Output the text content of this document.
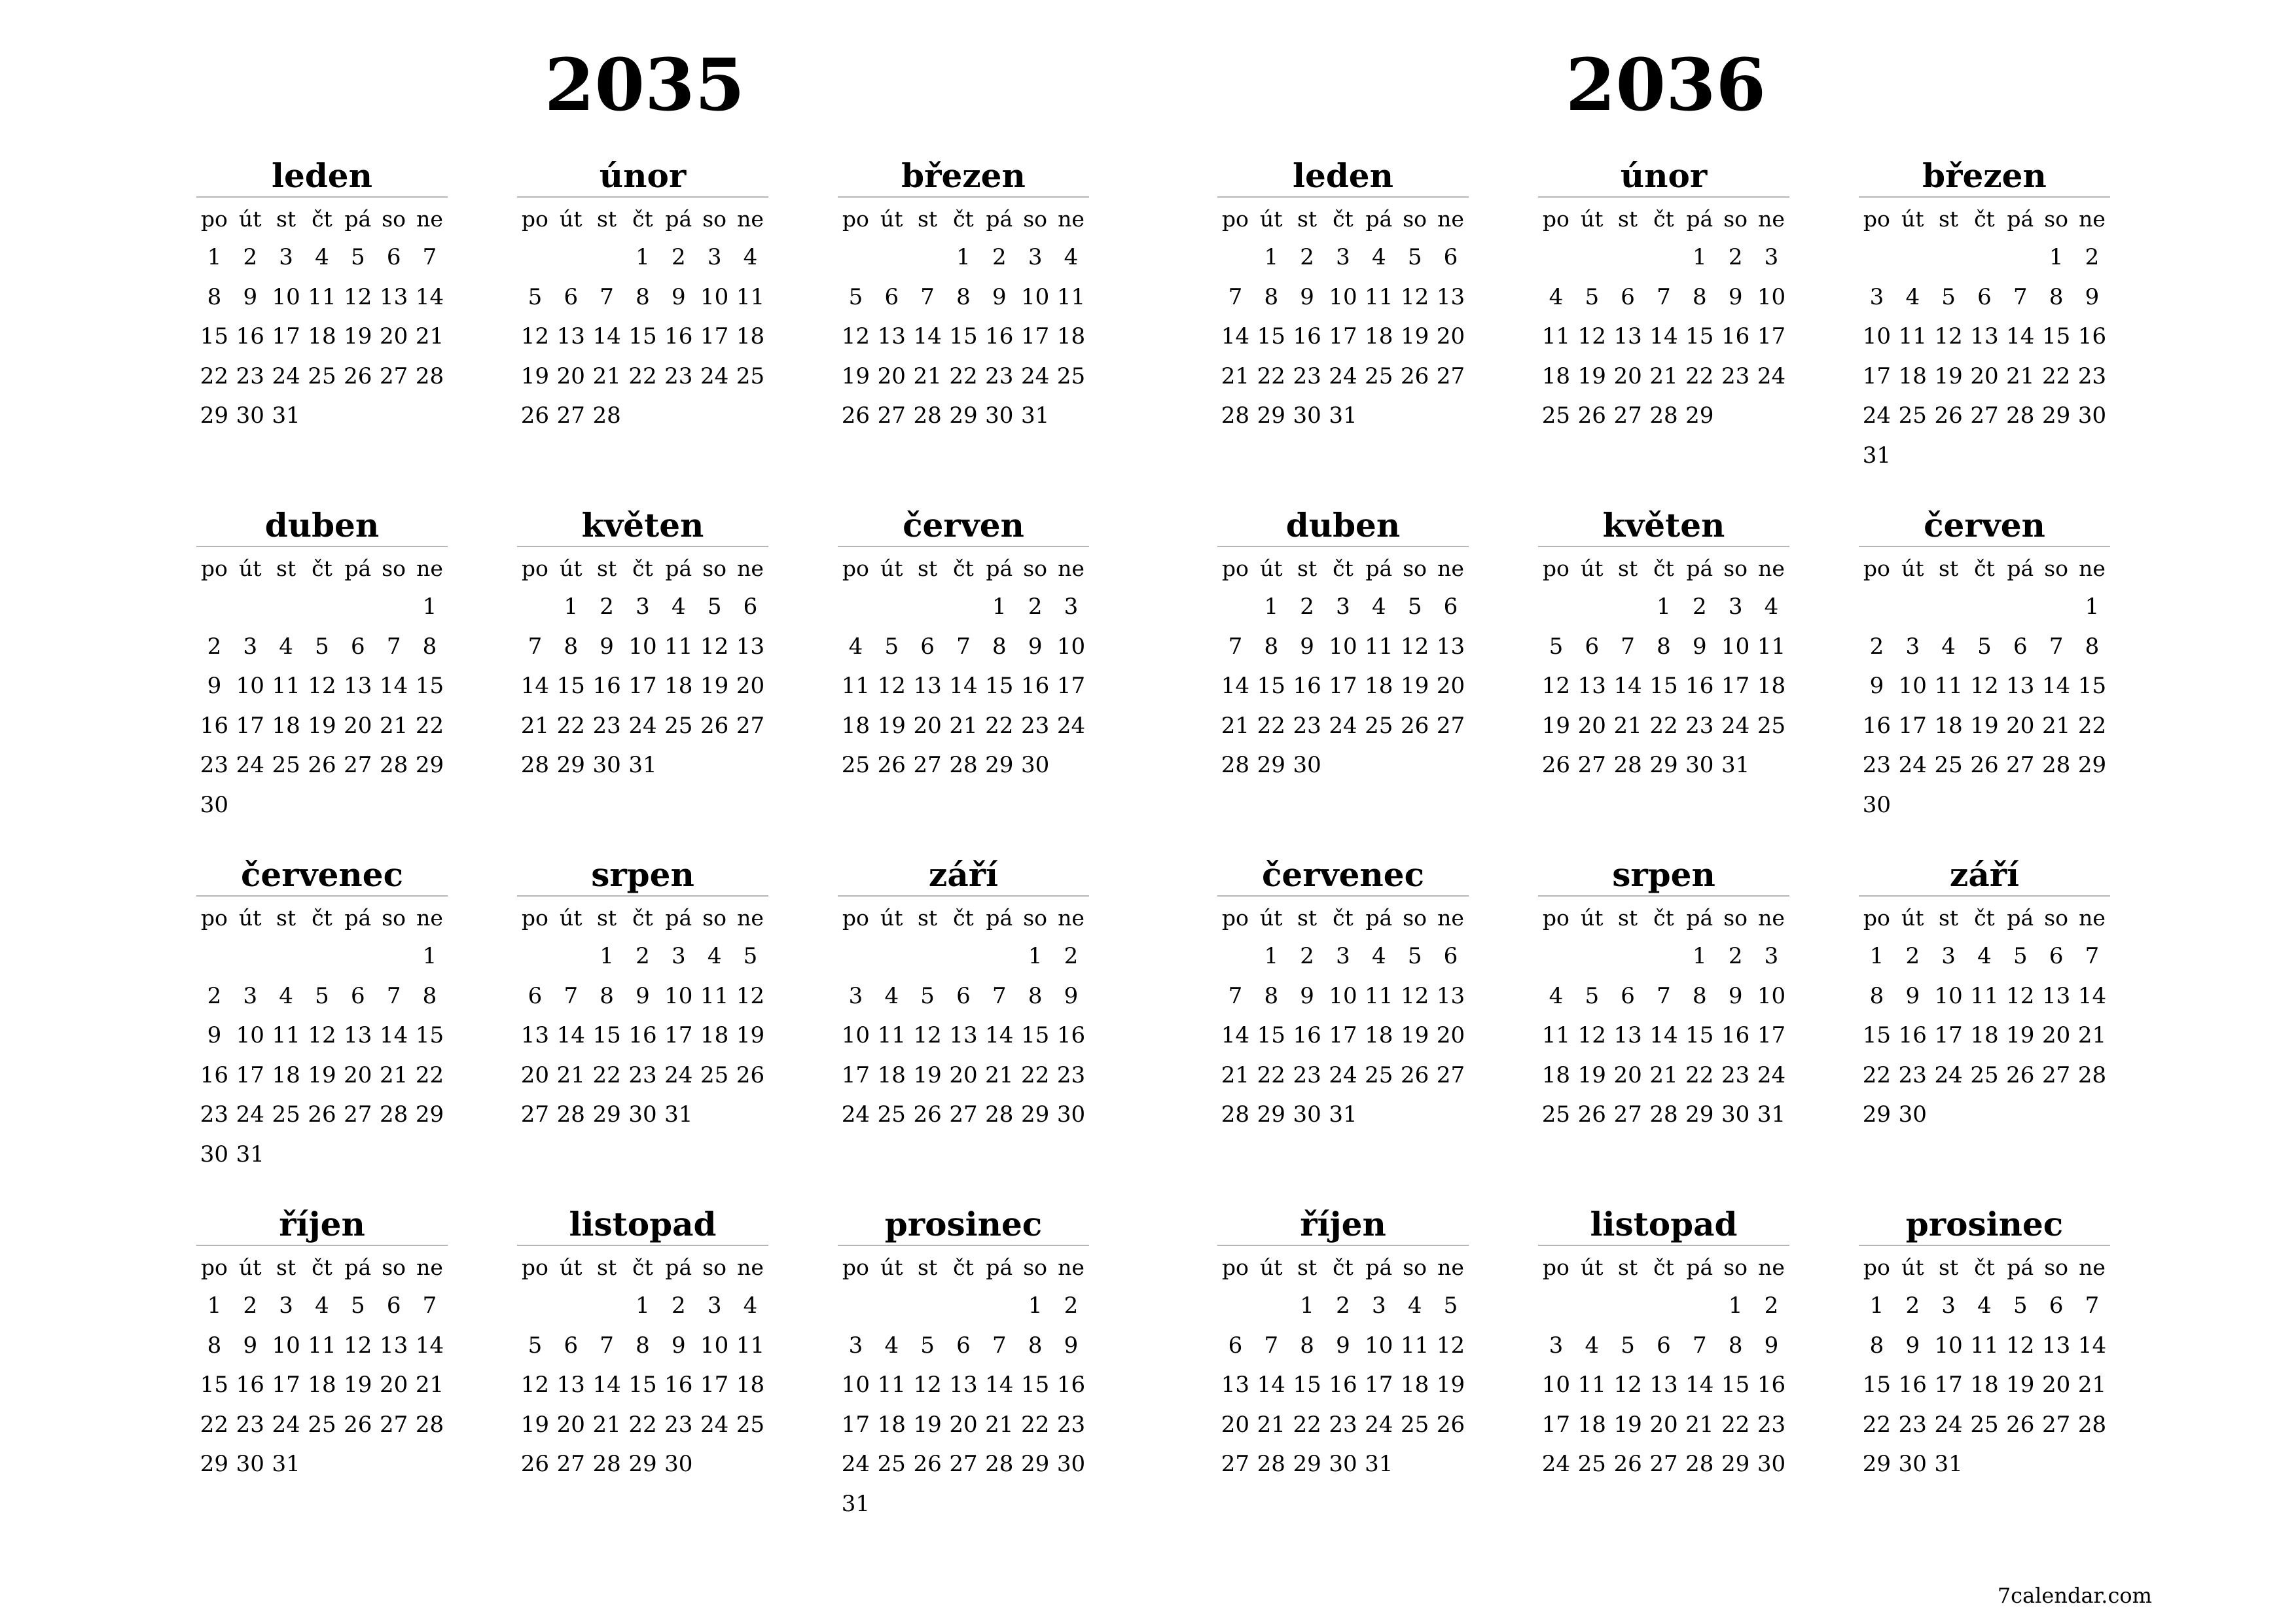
2035
leden
po út st čt pá so ne
1 2 3 4 5 6 7
8 9 10 11 12 13 14
15 16 17 18 19 20 21
22 23 24 25 26 27 28
29 30 31
únor
po út st čt pá so ne
1 2 3 4
5 6 7 8 9 10 11
12 13 14 15 16 17 18
19 20 21 22 23 24 25
26 27 28
březen
po út st čt pá so ne
1 2 3 4
5 6 7 8 9 10 11
12 13 14 15 16 17 18
19 20 21 22 23 24 25
26 27 28 29 30 31
duben
po út st čt pá so ne
1
2 3 4 5 6 7 8
9 10 11 12 13 14 15
16 17 18 19 20 21 22
23 24 25 26 27 28 29
30
květen
po út st čt pá so ne
1 2 3 4 5 6
7 8 9 10 11 12 13
14 15 16 17 18 19 20
21 22 23 24 25 26 27
28 29 30 31
červen
po út st čt pá so ne
1 2 3
4 5 6 7 8 9 10
11 12 13 14 15 16 17
18 19 20 21 22 23 24
25 26 27 28 29 30
červenec
po út st čt pá so ne
1
2 3 4 5 6 7 8
9 10 11 12 13 14 15
16 17 18 19 20 21 22
23 24 25 26 27 28 29
30 31
srpen
po út st čt pá so ne
1 2 3 4 5
6 7 8 9 10 11 12
13 14 15 16 17 18 19
20 21 22 23 24 25 26
27 28 29 30 31
září
po út st čt pá so ne
1 2
3 4 5 6 7 8 9
10 11 12 13 14 15 16
17 18 19 20 21 22 23
24 25 26 27 28 29 30
říjen
po út st čt pá so ne
1 2 3 4 5 6 7
8 9 10 11 12 13 14
15 16 17 18 19 20 21
22 23 24 25 26 27 28
29 30 31
listopad
po út st čt pá so ne
1 2 3 4
5 6 7 8 9 10 11
12 13 14 15 16 17 18
19 20 21 22 23 24 25
26 27 28 29 30
prosinec
po út st čt pá so ne
1 2
3 4 5 6 7 8 9
10 11 12 13 14 15 16
17 18 19 20 21 22 23
24 25 26 27 28 29 30
31
2036
leden
po út st čt pá so ne
1 2 3 4 5 6
7 8 9 10 11 12 13
14 15 16 17 18 19 20
21 22 23 24 25 26 27
28 29 30 31
únor
po út st čt pá so ne
1 2 3
4 5 6 7 8 9 10
11 12 13 14 15 16 17
18 19 20 21 22 23 24
25 26 27 28 29
březen
po út st čt pá so ne
1 2
3 4 5 6 7 8 9
10 11 12 13 14 15 16
17 18 19 20 21 22 23
24 25 26 27 28 29 30
31
duben
po út st čt pá so ne
1 2 3 4 5 6
7 8 9 10 11 12 13
14 15 16 17 18 19 20
21 22 23 24 25 26 27
28 29 30
květen
po út st čt pá so ne
1 2 3 4
5 6 7 8 9 10 11
12 13 14 15 16 17 18
19 20 21 22 23 24 25
26 27 28 29 30 31
červen
po út st čt pá so ne
1
2 3 4 5 6 7 8
9 10 11 12 13 14 15
16 17 18 19 20 21 22
23 24 25 26 27 28 29
30
červenec
po út st čt pá so ne
1 2 3 4 5 6
7 8 9 10 11 12 13
14 15 16 17 18 19 20
21 22 23 24 25 26 27
28 29 30 31
srpen
po út st čt pá so ne
1 2 3
4 5 6 7 8 9 10
11 12 13 14 15 16 17
18 19 20 21 22 23 24
25 26 27 28 29 30 31
září
po út st čt pá so ne
1 2 3 4 5 6 7
8 9 10 11 12 13 14
15 16 17 18 19 20 21
22 23 24 25 26 27 28
29 30
říjen
po út st čt pá so ne
1 2 3 4 5
6 7 8 9 10 11 12
13 14 15 16 17 18 19
20 21 22 23 24 25 26
27 28 29 30 31
listopad
po út st čt pá so ne
1 2
3 4 5 6 7 8 9
10 11 12 13 14 15 16
17 18 19 20 21 22 23
24 25 26 27 28 29 30
prosinec
po út st čt pá so ne
1 2 3 4 5 6 7
8 9 10 11 12 13 14
15 16 17 18 19 20 21
22 23 24 25 26 27 28
29 30 31
7calendar.com
